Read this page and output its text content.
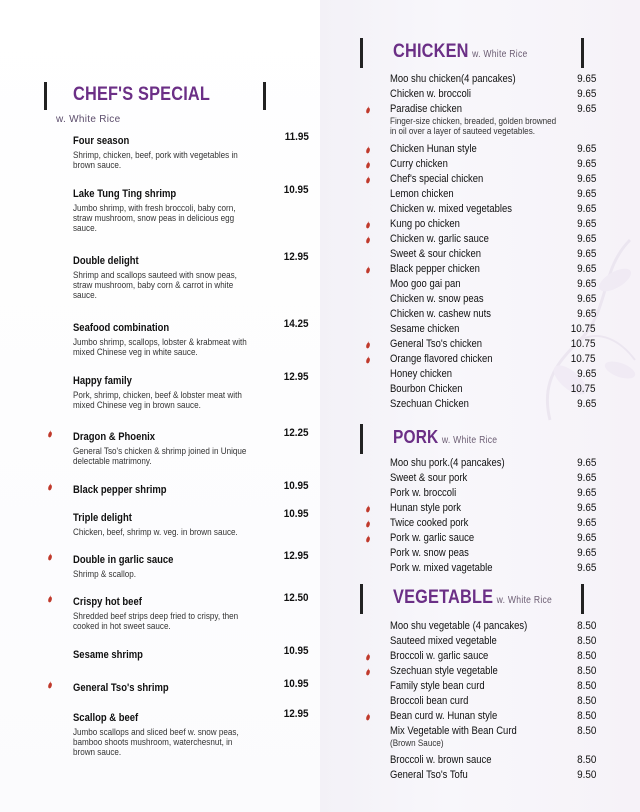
CHEF'S SPECIAL
w. White Rice
Four season	11.95
Shrimp, chicken, beef, pork with vegetables in brown sauce.
Lake Tung Ting shrimp	10.95
Jumbo shrimp, with fresh broccoli, baby corn, straw mushroom, snow peas in delicious egg sauce.
Double delight	12.95
Shrimp and scallops sauteed with snow peas, straw mushroom, baby corn & carrot in white sauce.
Seafood combination	14.25
Jumbo shrimp, scallops, lobster & krabmeat with mixed Chinese veg in white sauce.
Happy family	12.95
Pork, shrimp, chicken, beef & lobster meat with mixed Chinese veg in brown sauce.
Dragon & Phoenix	12.25
General Tso's chicken & shrimp joined in Unique delectable matrimony.
Black pepper shrimp	10.95
Triple delight	10.95
Chicken, beef, shrimp w. veg. in brown sauce.
Double in garlic sauce	12.95
Shrimp & scallop.
Crispy hot beef	12.50
Shredded beef strips deep fried to crispy, then cooked in hot sweet sauce.
Sesame shrimp	10.95
General Tso's shrimp	10.95
Scallop & beef	12.95
Jumbo scallops and sliced beef w. snow peas, bamboo shoots mushroom, waterchesnut, in brown sauce.
CHICKEN w. White Rice
Moo shu chicken(4 pancakes)	9.65
Chicken w. broccoli	9.65
Paradise chicken	9.65
Finger-size chicken, breaded, golden browned in oil over a layer of sauteed vegetables.
Chicken Hunan style	9.65
Curry chicken	9.65
Chef's special chicken	9.65
Lemon chicken	9.65
Chicken w. mixed vegetables	9.65
Kung po chicken	9.65
Chicken w. garlic sauce	9.65
Sweet & sour chicken	9.65
Black pepper chicken	9.65
Moo goo gai pan	9.65
Chicken w. snow peas	9.65
Chicken w. cashew nuts	9.65
Sesame chicken	10.75
General Tso's chicken	10.75
Orange flavored chicken	10.75
Honey chicken	9.65
Bourbon Chicken	10.75
Szechuan Chicken	9.65
PORK w. White Rice
Moo shu pork.(4 pancakes)	9.65
Sweet & sour pork	9.65
Pork w. broccoli	9.65
Hunan style pork	9.65
Twice cooked pork	9.65
Pork w. garlic sauce	9.65
Pork w. snow peas	9.65
Pork w. mixed vagetable	9.65
VEGETABLE w. White Rice
Moo shu vegetable (4 pancakes)	8.50
Sauteed mixed vegetable	8.50
Broccoli w. garlic sauce	8.50
Szechuan style vegetable	8.50
Family style bean curd	8.50
Broccoli bean curd	8.50
Bean curd w. Hunan style	8.50
Mix Vegetable with Bean Curd	8.50
(Brown Sauce)
Broccoli w. brown sauce	8.50
General Tso's Tofu	9.50
